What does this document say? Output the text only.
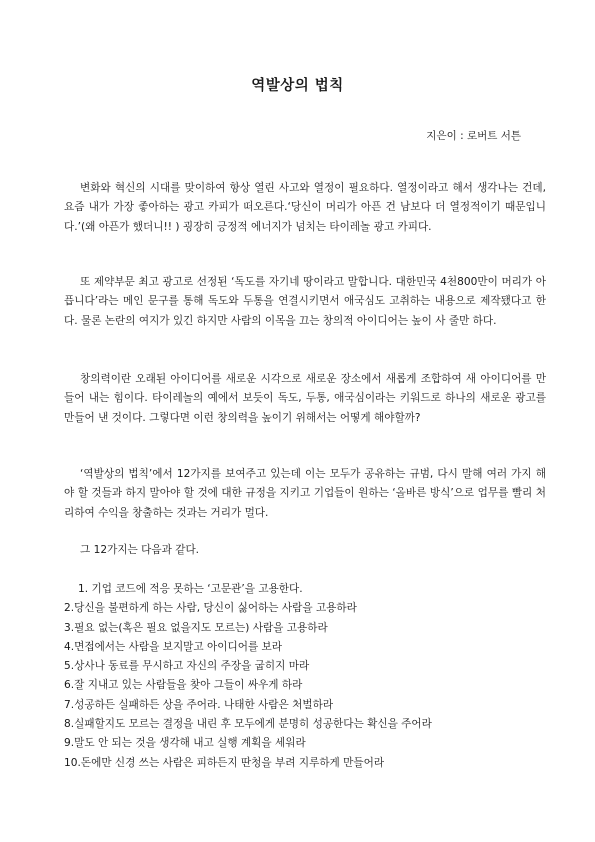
역발상의 법칙
지은이 : 로버트 서튼

변화와 혁신의 시대를 맞이하여 항상 열린 사고와 열정이 필요하다. 열정이라고 해서 생각나는 건데, 요즘 내가 가장 좋아하는 광고 카피가 떠오른다.‘당신이 머리가 아픈 건 남보다 더 열정적이기 때문입니다.’(왜 아픈가 했더니!! ) 굉장히 긍정적 에너지가 넘치는 타이레놀 광고 카피다.

또 제약부문 최고 광고로 선정된 ‘독도를 자기네 땅이라고 말합니다. 대한민국 4천800만이 머리가 아픕니다’라는 메인 문구를 통해 독도와 두통을 연결시키면서 애국심도 고취하는 내용으로 제작됐다고 한다. 물론 논란의 여지가 있긴 하지만 사람의 이목을 끄는 창의적 아이디어는 높이 사 줄만 하다.

창의력이란 오래된 아이디어를 새로운 시각으로 새로운 장소에서 새롭게 조합하여 새 아이디어를 만들어 내는 힘이다. 타이레놀의 예에서 보듯이 독도, 두통, 애국심이라는 키워드로 하나의 새로운 광고를 만들어 낸 것이다. 그렇다면 이런 창의력을 높이기 위해서는 어떻게 해야할까?

‘역발상의 법칙’에서 12가지를 보여주고 있는데 이는 모두가 공유하는 규범, 다시 말해 여러 가지 해야 할 것들과 하지 말아야 할 것에 대한 규정을 지키고 기업들이 원하는 ‘올바른 방식’으로 업무를 빨리 처리하여 수익을 창출하는 것과는 거리가 멀다.

그 12가지는 다음과 같다.

1. 기업 코드에 적응 못하는 ‘고문관’을 고용한다.
2.당신을 불편하게 하는 사람, 당신이 싫어하는 사람을 고용하라
3.필요 없는(혹은 필요 없을지도 모르는) 사람을 고용하라
4.면접에서는 사람을 보지말고 아이디어를 보라
5.상사나 동료를 무시하고 자신의 주장을 굽히지 마라
6.잘 지내고 있는 사람들을 찾아 그들이 싸우게 하라
7.성공하든 실패하든 상을 주어라. 나태한 사람은 처벌하라
8.실패할지도 모르는 결정을 내린 후 모두에게 분명히 성공한다는 확신을 주어라
9.말도 안 되는 것을 생각해 내고 실행 계획을 세워라
10.돈에만 신경 쓰는 사람은 피하든지 딴청을 부려 지루하게 만들어라
